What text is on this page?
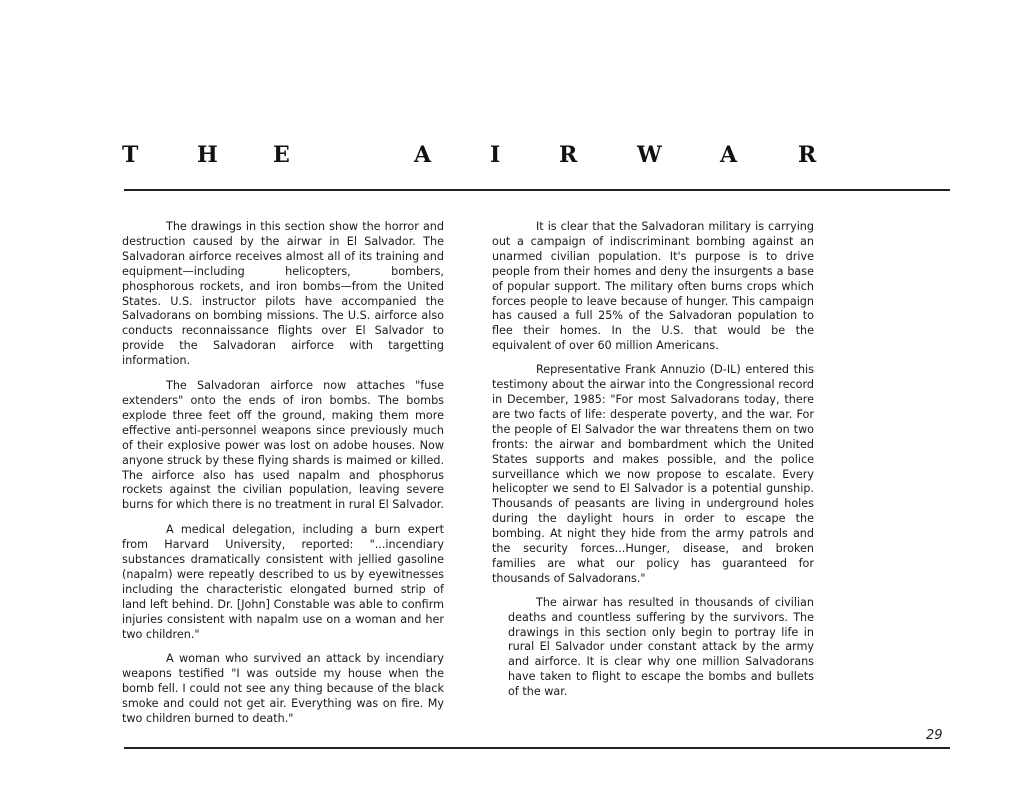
T	H	E	A	I	R	W	A	R

The drawings in this section show the horror and destruction caused by the airwar in El Salvador. The Salvadoran airforce receives almost all of its training and equipment—including helicopters, bombers, phosphorous rockets, and iron bombs—from the United States. U.S. instructor pilots have accompanied the Salvadorans on bombing missions. The U.S. airforce also conducts reconnaissance flights over El Salvador to provide the Salvadoran airforce with targetting information.

The Salvadoran airforce now attaches "fuse extenders" onto the ends of iron bombs. The bombs explode three feet off the ground, making them more effective anti-personnel weapons since previously much of their explosive power was lost on adobe houses. Now anyone struck by these flying shards is maimed or killed. The airforce also has used napalm and phosphorus rockets against the civilian population, leaving severe burns for which there is no treatment in rural El Salvador.

A medical delegation, including a burn expert from Harvard University, reported: "...incendiary substances dramatically consistent with jellied gasoline (napalm) were repeatly described to us by eyewitnesses including the characteristic elongated burned strip of land left behind. Dr. [John] Constable was able to confirm injuries consistent with napalm use on a woman and her two children."

A woman who survived an attack by incendiary weapons testified "I was outside my house when the bomb fell. I could not see any thing because of the black smoke and could not get air. Everything was on fire. My two children burned to death."

It is clear that the Salvadoran military is carrying out a campaign of indiscriminant bombing against an unarmed civilian population. It's purpose is to drive people from their homes and deny the insurgents a base of popular support. The military often burns crops which forces people to leave because of hunger. This campaign has caused a full 25% of the Salvadoran population to flee their homes. In the U.S. that would be the equivalent of over 60 million Americans.

Representative Frank Annuzio (D-IL) entered this testimony about the airwar into the Congressional record in December, 1985: "For most Salvadorans today, there are two facts of life: desperate poverty, and the war. For the people of El Salvador the war threatens them on two fronts: the airwar and bombardment which the United States supports and makes possible, and the police surveillance which we now propose to escalate. Every helicopter we send to El Salvador is a potential gunship. Thousands of peasants are living in underground holes during the daylight hours in order to escape the bombing. At night they hide from the army patrols and the security forces...Hunger, disease, and broken families are what our policy has guaranteed for thousands of Salvadorans."

The airwar has resulted in thousands of civilian deaths and countless suffering by the survivors. The drawings in this section only begin to portray life in rural El Salvador under constant attack by the army and airforce. It is clear why one million Salvadorans have taken to flight to escape the bombs and bullets of the war.

29
